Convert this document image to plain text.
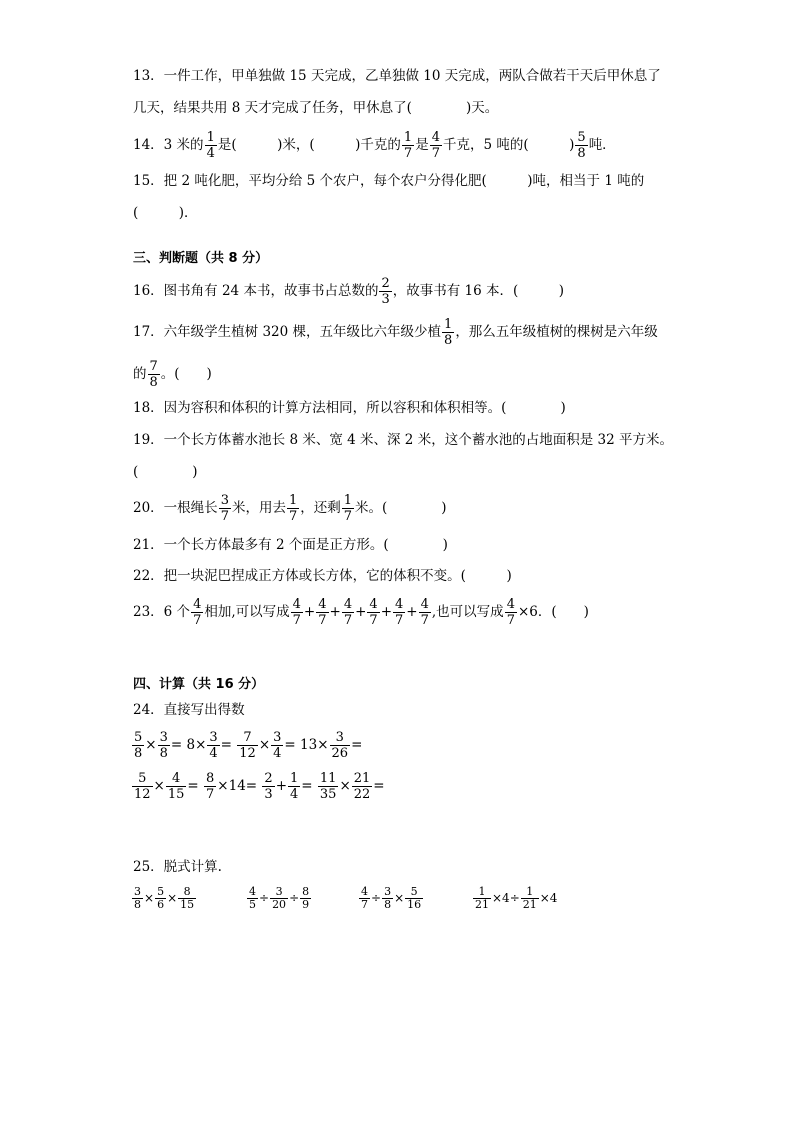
13．一件工作，甲单独做 15 天完成，乙单独做 10 天完成，两队合做若干天后甲休息了
几天，结果共用 8 天才完成了任务，甲休息了(　　　　)天。
14．3 米的 $\frac{1}{4}$ 是(　　　)米，(　　　)千克的 $\frac{1}{7}$ 是 $\frac{4}{7}$ 千克，5 吨的(　　　) $\frac{5}{8}$ 吨．
15．把 2 吨化肥，平均分给 5 个农户，每个农户分得化肥(　　　)吨，相当于 1 吨的
(　　　)．
三、判断题（共 8 分）
16．图书角有 24 本书，故事书占总数的 $\frac{2}{3}$ ，故事书有 16 本．(　　　)
17．六年级学生植树 320 棵，五年级比六年级少植 $\frac{1}{8}$ ，那么五年级植树的棵树是六年级
的 $\frac{7}{8}$ 。(　　)
18．因为容积和体积的计算方法相同，所以容积和体积相等。(　　　　)
19．一个长方体蓄水池长 8 米、宽 4 米、深 2 米，这个蓄水池的占地面积是 32 平方米。
(　　　　)
20．一根绳长 $\frac{3}{7}$ 米，用去 $\frac{1}{7}$ ，还剩 $\frac{1}{7}$ 米。(　　　　)
21．一个长方体最多有 2 个面是正方形。(　　　　)
22．把一块泥巴捏成正方体或长方体，它的体积不变。(　　　)
23．6 个 $\frac{4}{7}$ 相加,可以写成 $\frac{4}{7} + \frac{4}{7} + \frac{4}{7} + \frac{4}{7} + \frac{4}{7} + \frac{4}{7}$ ,也可以写成 $\frac{4}{7} \times 6$．(　　)
四、计算（共 16 分）
24．直接写出得数
$\frac{5}{8} \times \frac{3}{8} = 8\times \frac{3}{4} = \frac{7}{12} \times \frac{3}{4} = 13\times \frac{3}{26}$ =
$\frac{5}{12} \times \frac{4}{15} = \frac{8}{7} \times 14= \frac{2}{3} + \frac{1}{4} = \frac{11}{35} \times \frac{21}{22}$ =
25．脱式计算.
$\frac{3}{8} \times \frac{5}{6} \times \frac{8}{15}$	$\frac{4}{5} \div \frac{3}{20} \div \frac{8}{9}$	$\frac{4}{7} \div \frac{3}{8} \times \frac{5}{16}$	$\frac{1}{21} \times 4\div \frac{1}{21} \times 4$
